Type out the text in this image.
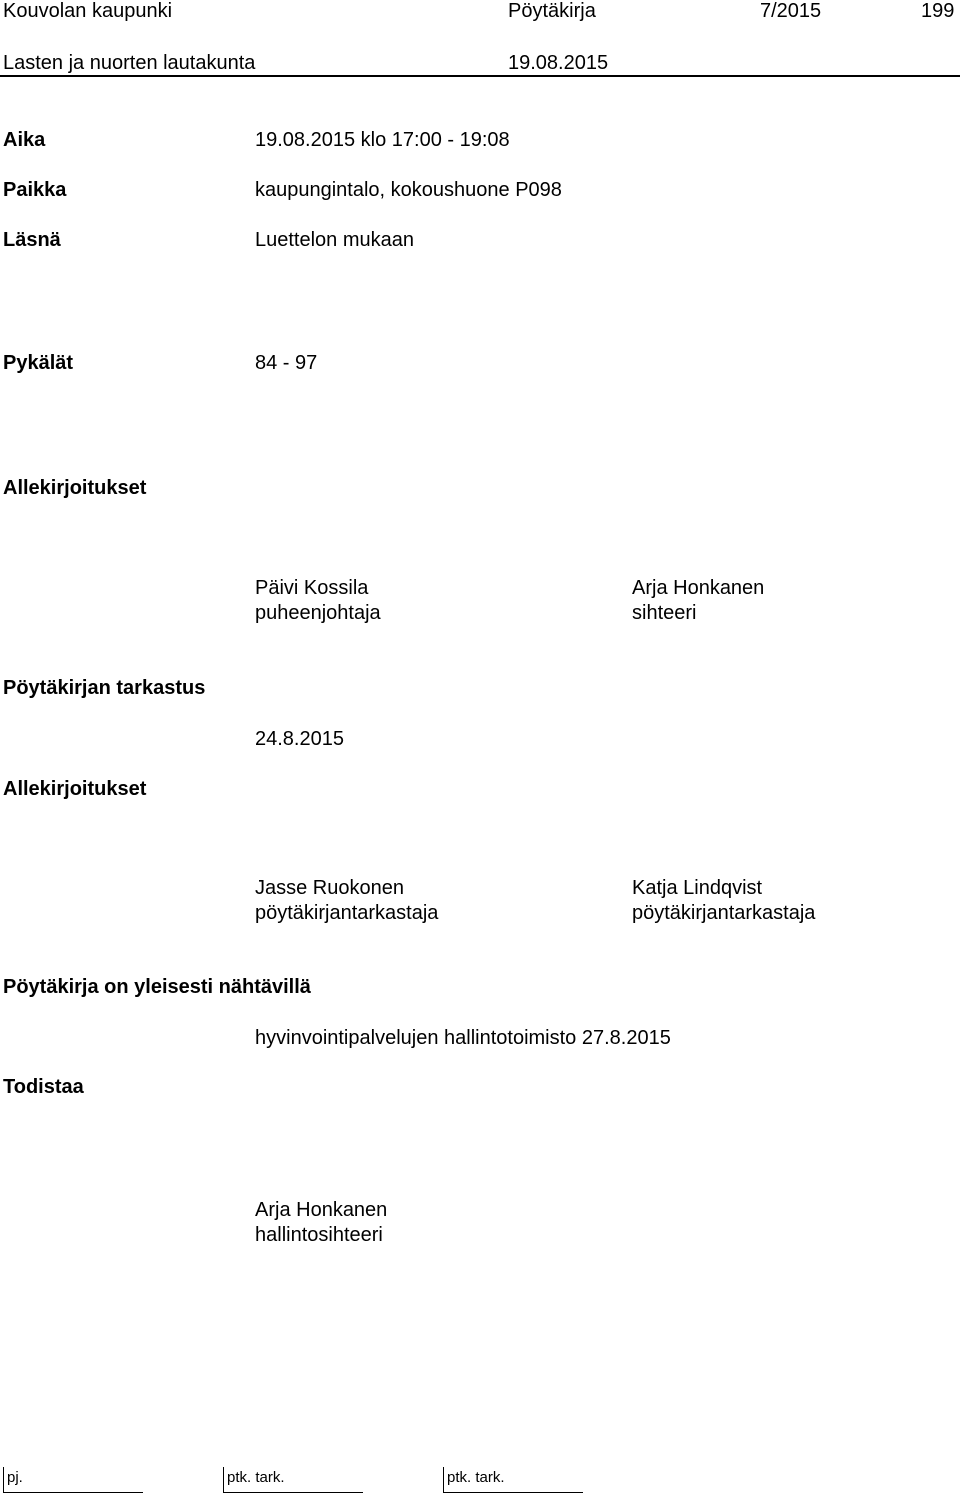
Kouvolan kaupunki	Pöytäkirja	7/2015	199
Lasten ja nuorten lautakunta	19.08.2015
Aika	19.08.2015 klo 17:00 - 19:08
Paikka	kaupungintalo, kokoushuone P098
Läsnä	Luettelon mukaan
Pykälät	84 - 97
Allekirjoitukset
Päivi Kossila
puheenjohtaja
Arja Honkanen
sihteeri
Pöytäkirjan tarkastus
24.8.2015
Allekirjoitukset
Jasse Ruokonen
pöytäkirjantarkastaja
Katja Lindqvist
pöytäkirjantarkastaja
Pöytäkirja on yleisesti nähtävillä
hyvinvointipalvelujen hallintotoimisto 27.8.2015
Todistaa
Arja Honkanen
hallintosihteeri
pj.	ptk. tark.	ptk. tark.
